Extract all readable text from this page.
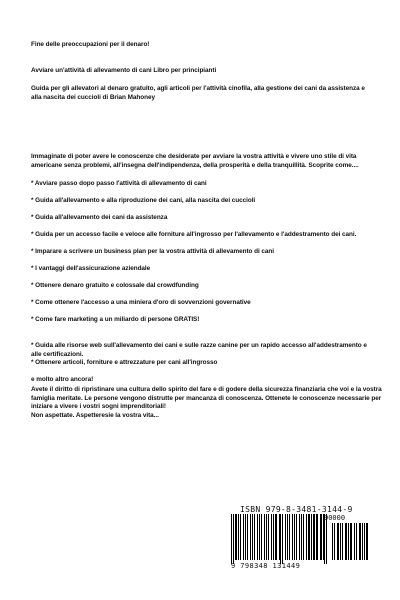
Fine delle preoccupazioni per il denaro!
Avviare un'attività di allevamento di cani Libro per principianti
Guida per gli allevatori al denaro gratuito, agli articoli per l'attività cinofila, alla gestione dei cani da assistenza e alla nascita dei cuccioli di Brian Mahoney
Immaginate di poter avere le conoscenze che desiderate per avviare la vostra attività e vivere uno stile di vita americane senza problemi, all'insegna dell'indipendenza, della prosperità e della tranquillità. Scoprite come....
* Avviare passo dopo passo l'attività di allevamento di cani
* Guida all'allevamento e alla riproduzione dei cani, alla nascita dei cuccioli
* Guida all'allevamento dei cani da assistenza
* Guida per un accesso facile e veloce alle forniture all'ingrosso per l'allevamento e l'addestramento dei cani.
* Imparare a scrivere un business plan per la vostra attività di allevamento di cani
* I vantaggi dell'assicurazione aziendale
* Ottenere denaro gratuito e colossale dal crowdfunding
* Come ottenere l'accesso a una miniera d'oro di sovvenzioni governative
* Come fare marketing a un miliardo di persone GRATIS!
* Guida alle risorse web sull'allevamento dei cani e sulle razze canine per un rapido accesso all'addestramento e alle certificazioni.
* Ottenere articoli, forniture e attrezzature per cani all'ingrosso
e molto altro ancora!
Avete il diritto di ripristinare una cultura dello spirito del fare e di godere della sicurezza finanziaria che voi e la vostra famiglia meritate. Le persone vengono distrutte per mancanza di conoscenza. Ottenete le conoscenze necessarie per iniziare a vivere i vostri sogni imprenditoriali!
Non aspettate. Aspetteresie la vostra vita...
ISBN 979-8-3481-3144-9
90000
9 798348 131449
